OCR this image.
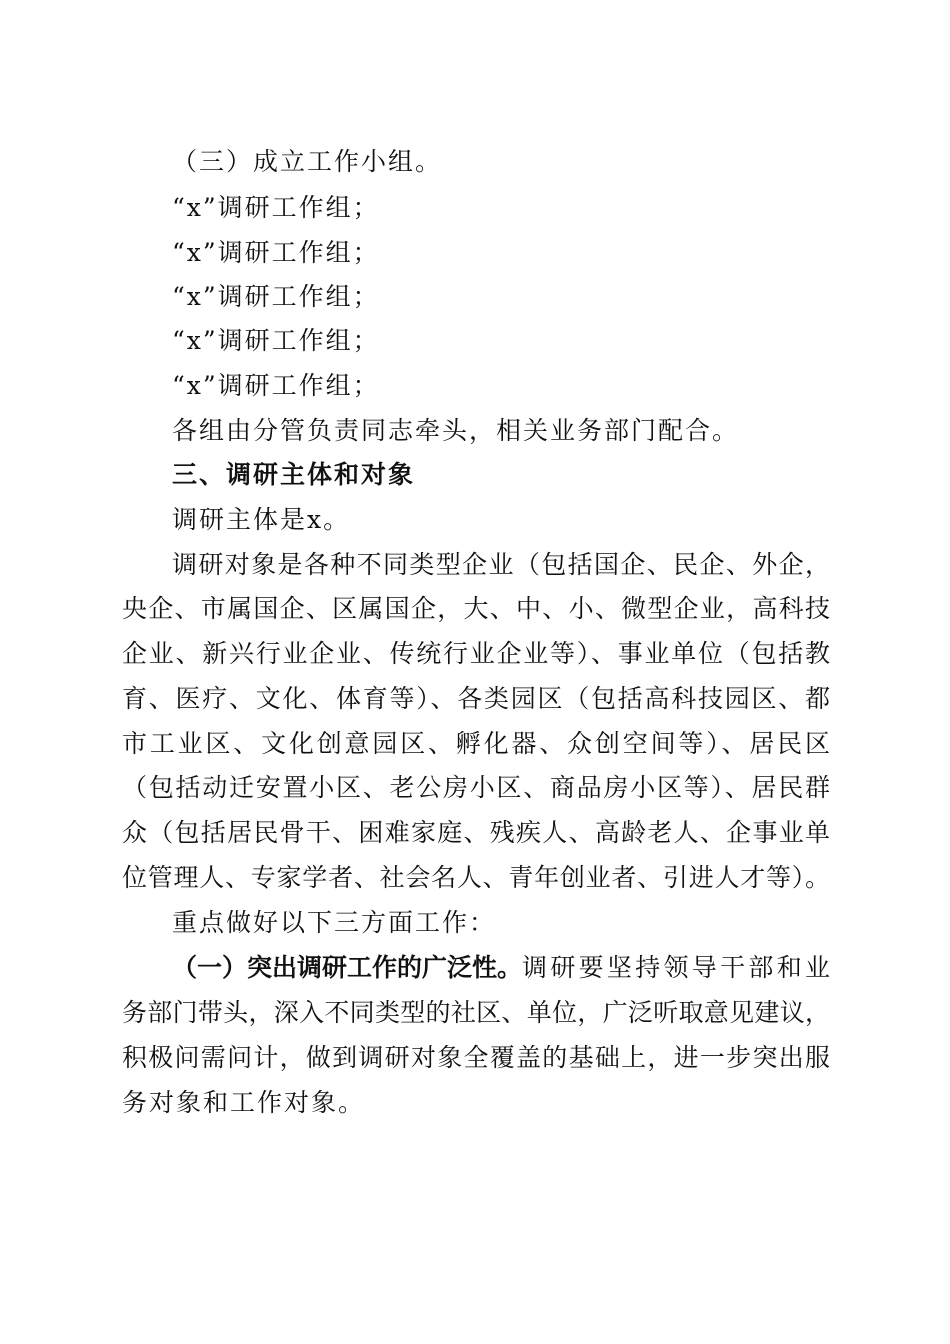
（三）成立工作小组。
“x”调研工作组；
“x”调研工作组；
“x”调研工作组；
“x”调研工作组；
“x”调研工作组；
各组由分管负责同志牵头，相关业务部门配合。
三、调研主体和对象
调研主体是x。
调研对象是各种不同类型企业（包括国企、民企、外企，
央企、市属国企、区属国企，大、中、小、微型企业，高科技
企业、新兴行业企业、传统行业企业等）、事业单位（包括教
育、医疗、文化、体育等）、各类园区（包括高科技园区、都
市工业区、文化创意园区、孵化器、众创空间等）、居民区
（包括动迁安置小区、老公房小区、商品房小区等）、居民群
众（包括居民骨干、困难家庭、残疾人、高龄老人、企事业单
位管理人、专家学者、社会名人、青年创业者、引进人才等）。
重点做好以下三方面工作：
（一）突出调研工作的广泛性。 调研要坚持领导干部和业
务部门带头，深入不同类型的社区、单位，广泛听取意见建议，
积极问需问计，做到调研对象全覆盖的基础上，进一步突出服
务对象和工作对象。
